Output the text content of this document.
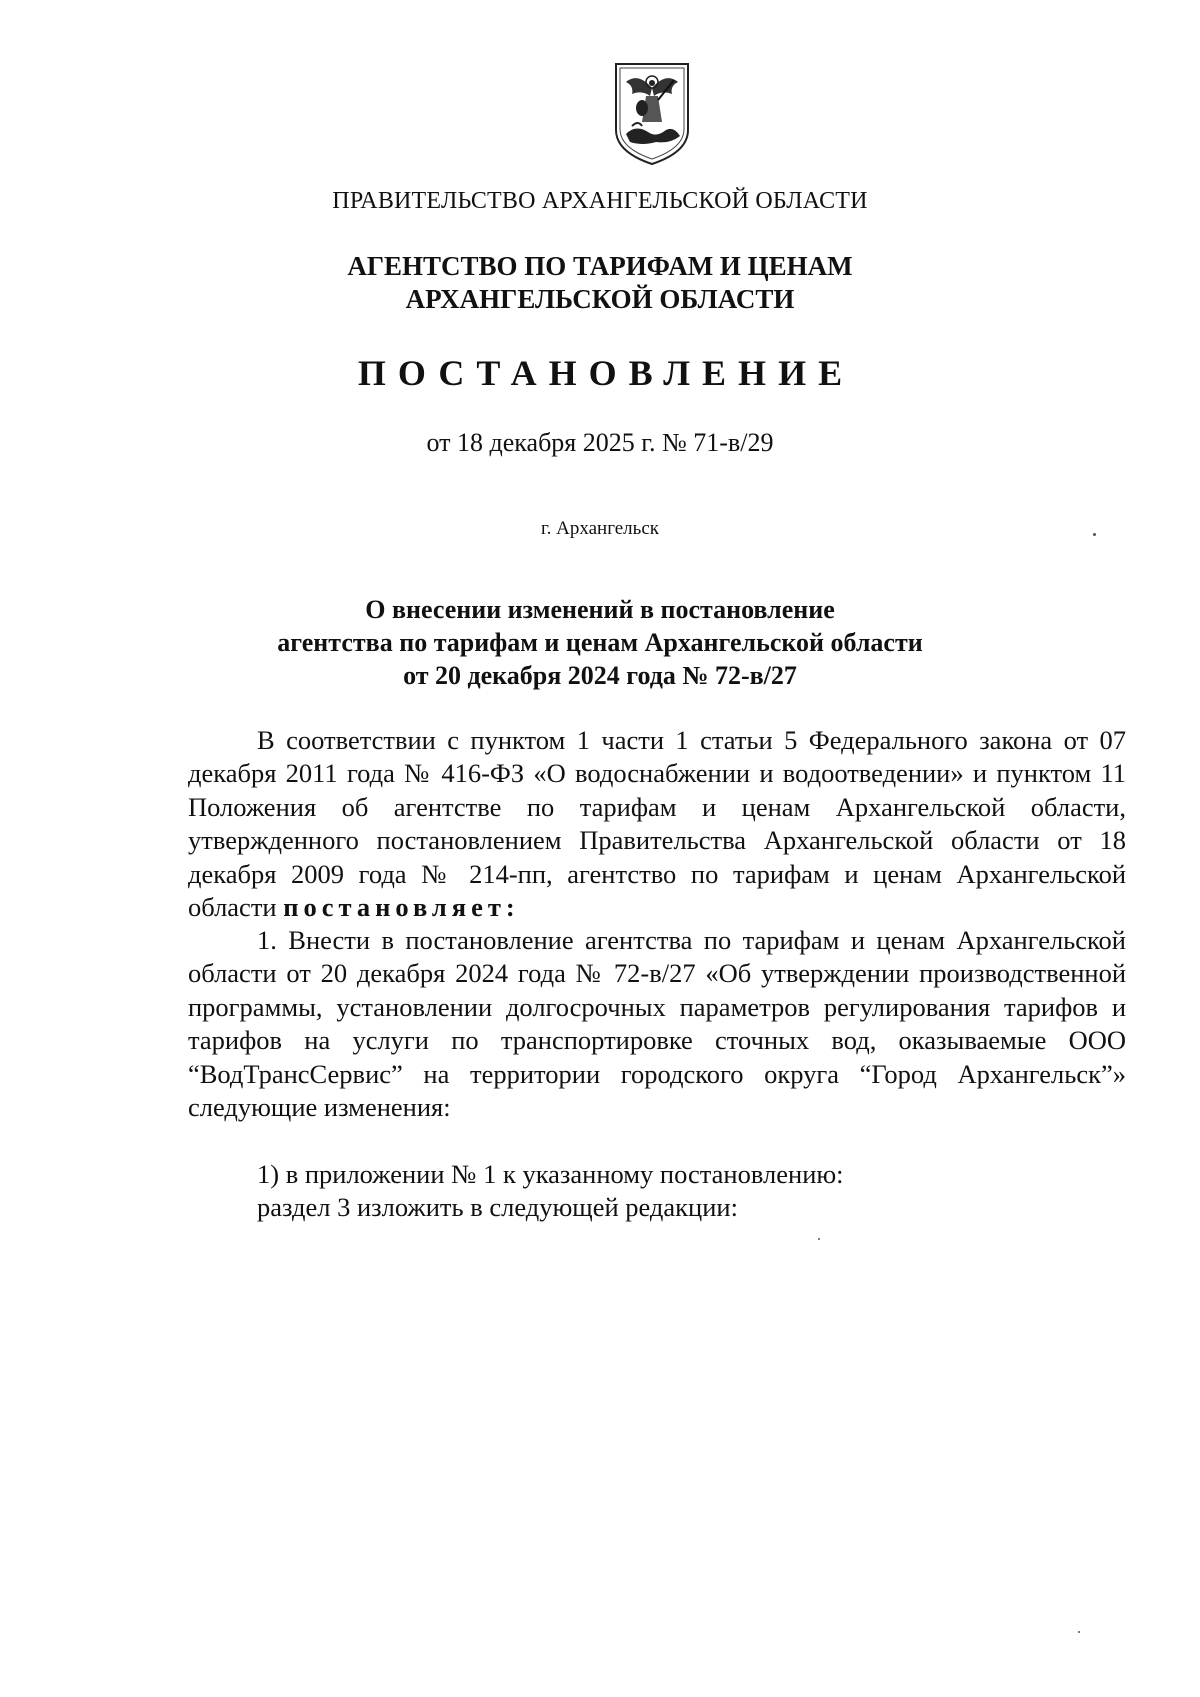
ПРАВИТЕЛЬСТВО АРХАНГЕЛЬСКОЙ ОБЛАСТИ
АГЕНТСТВО ПО ТАРИФАМ И ЦЕНАМ
АРХАНГЕЛЬСКОЙ ОБЛАСТИ
ПОСТАНОВЛЕНИЕ
от 18 декабря 2025 г. № 71-в/29
г. Архангельск
О внесении изменений в постановление
агентства по тарифам и ценам Архангельской области
от 20 декабря 2024 года № 72-в/27

В соответствии с пунктом 1 части 1 статьи 5 Федерального закона от 07 декабря 2011 года № 416-ФЗ «О водоснабжении и водоотведении» и пунктом 11 Положения об агентстве по тарифам и ценам Архангельской области, утвержденного постановлением Правительства Архангельской области от 18 декабря 2009 года № 214-пп, агентство по тарифам и ценам Архангельской области постановляет:

1. Внести в постановление агентства по тарифам и ценам Архангельской области от 20 декабря 2024 года № 72-в/27 «Об утверждении производственной программы, установлении долгосрочных параметров регулирования тарифов и тарифов на услуги по транспортировке сточных вод, оказываемые ООО “ВодТрансСервис” на территории городского округа “Город Архангельск”» следующие изменения:

1) в приложении № 1 к указанному постановлению:
раздел 3 изложить в следующей редакции:
